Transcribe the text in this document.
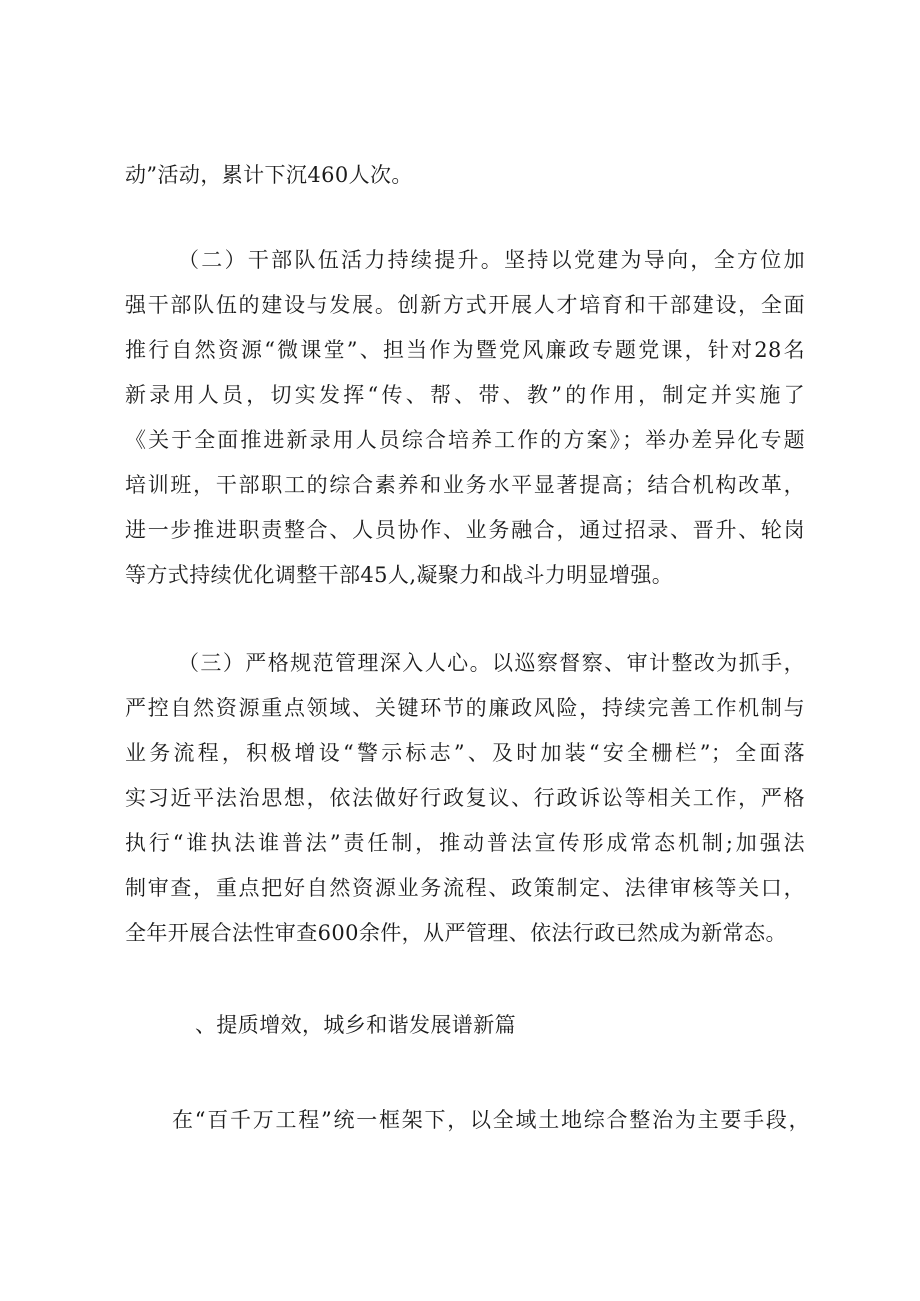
动”活动，累计下沉460人次。
（二）干部队伍活力持续提升。坚持以党建为导向，全方位加
强干部队伍的建设与发展。创新方式开展人才培育和干部建设，全面
推行自然资源“微课堂”、担当作为暨党风廉政专题党课，针对28名
新录用人员，切实发挥“传、帮、带、教”的作用，制定并实施了
《关于全面推进新录用人员综合培养工作的方案》；举办差异化专题
培训班，干部职工的综合素养和业务水平显著提高；结合机构改革，
进一步推进职责整合、人员协作、业务融合，通过招录、晋升、轮岗
等方式持续优化调整干部45人,凝聚力和战斗力明显增强。
（三）严格规范管理深入人心。以巡察督察、审计整改为抓手，
严控自然资源重点领域、关键环节的廉政风险，持续完善工作机制与
业务流程，积极增设“警示标志”、及时加装“安全栅栏”；全面落
实习近平法治思想，依法做好行政复议、行政诉讼等相关工作，严格
执行“谁执法谁普法”责任制，推动普法宣传形成常态机制;加强法
制审查，重点把好自然资源业务流程、政策制定、法律审核等关口，
全年开展合法性审查600余件，从严管理、依法行政已然成为新常态。
、提质增效，城乡和谐发展谱新篇
在“百千万工程”统一框架下，以全域土地综合整治为主要手段，
